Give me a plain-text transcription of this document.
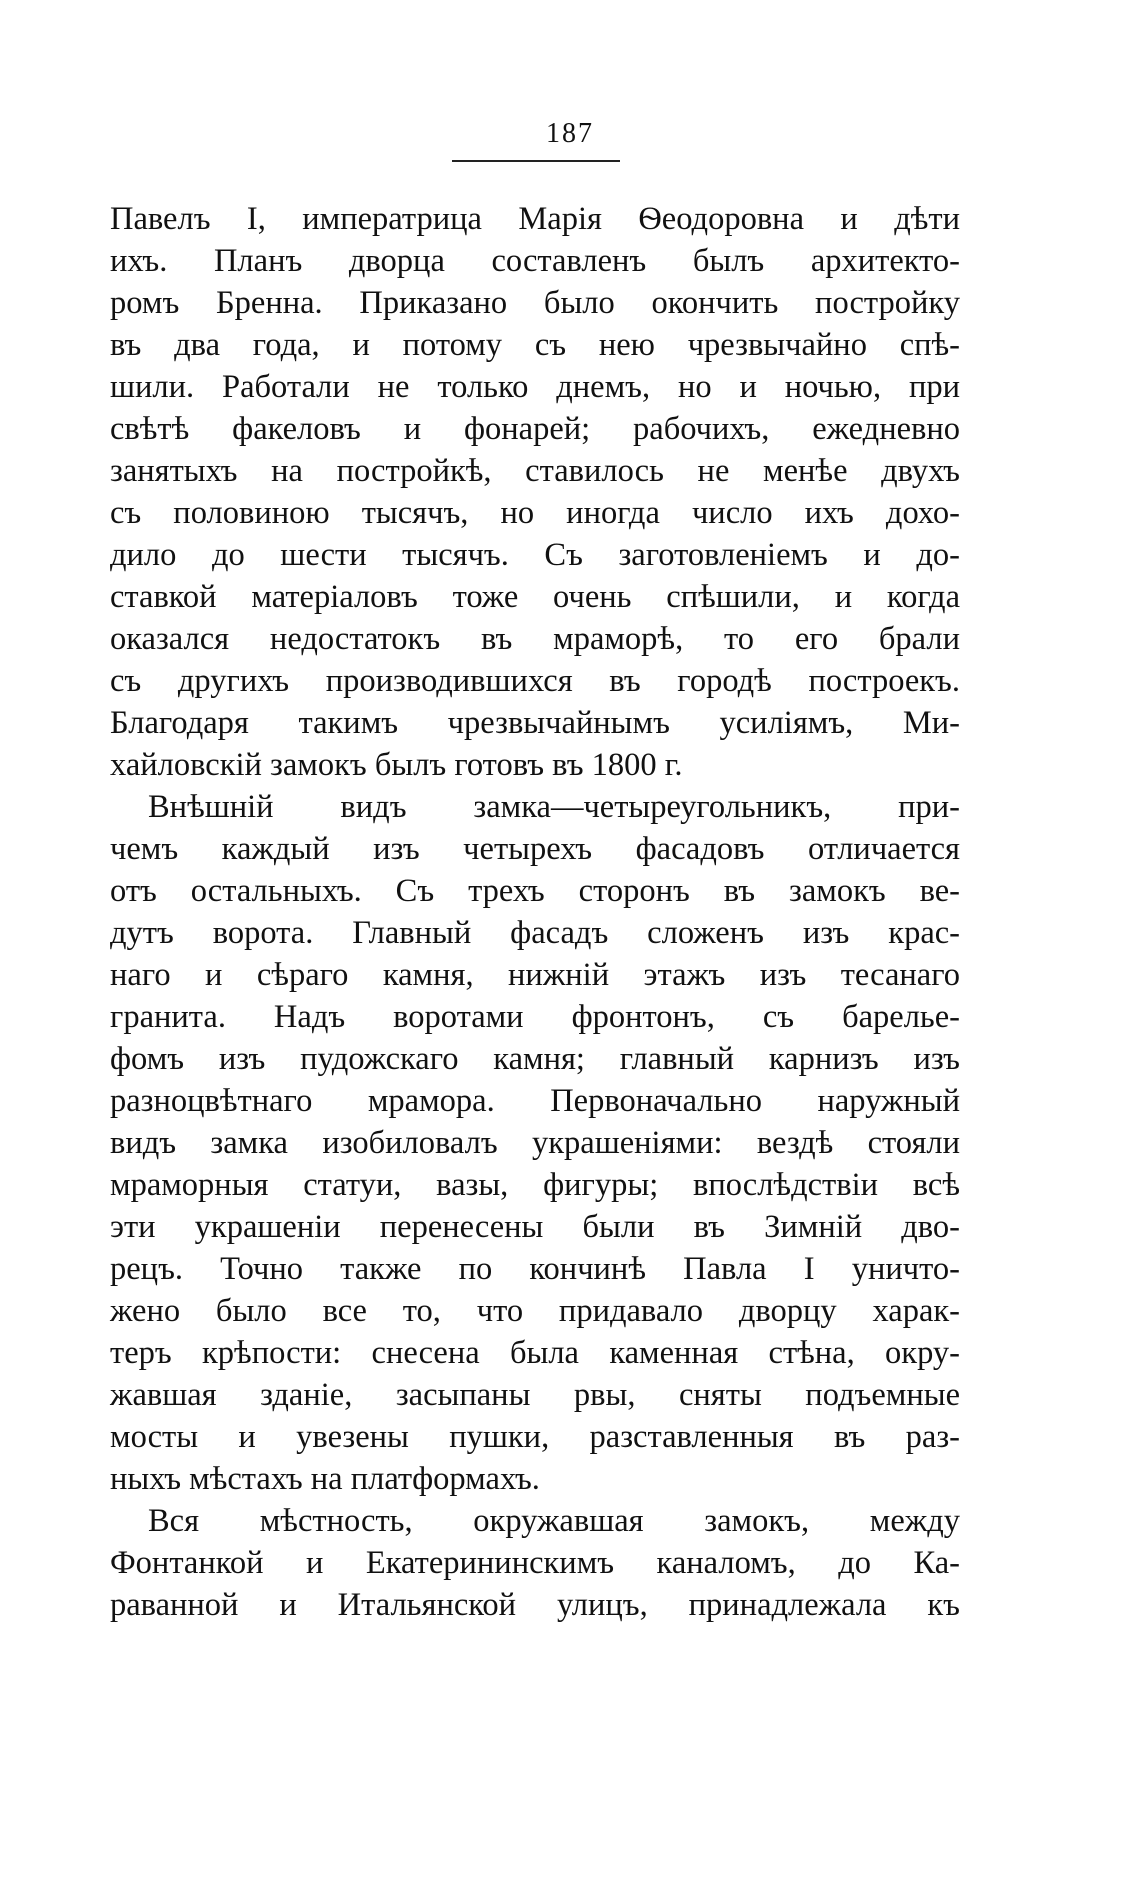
187
Павелъ I, императрица Марія Ѳеодоровна и дѣти
ихъ. Планъ дворца составленъ былъ архитекто-
ромъ Бренна. Приказано было окончить постройку
въ два года, и потому съ нею чрезвычайно спѣ-
шили. Работали не только днемъ, но и ночью, при
свѣтѣ факеловъ и фонарей; рабочихъ, ежедневно
занятыхъ на постройкѣ, ставилось не менѣе двухъ
съ половиною тысячъ, но иногда число ихъ дохо-
дило до шести тысячъ. Съ заготовленіемъ и до-
ставкой матеріаловъ тоже очень спѣшили, и когда
оказался недостатокъ въ мраморѣ, то его брали
съ другихъ производившихся въ городѣ построекъ.
Благодаря такимъ чрезвычайнымъ усиліямъ, Ми-
хайловскій замокъ былъ готовъ въ 1800 г.
Внѣшній видъ замка—четыреугольникъ, при-
чемъ каждый изъ четырехъ фасадовъ отличается
отъ остальныхъ. Съ трехъ сторонъ въ замокъ ве-
дутъ ворота. Главный фасадъ сложенъ изъ крас-
наго и сѣраго камня, нижній этажъ изъ тесанаго
гранита. Надъ воротами фронтонъ, съ барелье-
фомъ изъ пудожскаго камня; главный карнизъ изъ
разноцвѣтнаго мрамора. Первоначально наружный
видъ замка изобиловалъ украшеніями: вездѣ стояли
мраморныя статуи, вазы, фигуры; впослѣдствіи всѣ
эти украшеніи перенесены были въ Зимній дво-
рецъ. Точно также по кончинѣ Павла I уничто-
жено было все то, что придавало дворцу харак-
теръ крѣпости: снесена была каменная стѣна, окру-
жавшая зданіе, засыпаны рвы, сняты подъемные
мосты и увезены пушки, разставленныя въ раз-
ныхъ мѣстахъ на платформахъ.
Вся мѣстность, окружавшая замокъ, между
Фонтанкой и Екатерининскимъ каналомъ, до Ка-
раванной и Итальянской улицъ, принадлежала къ
